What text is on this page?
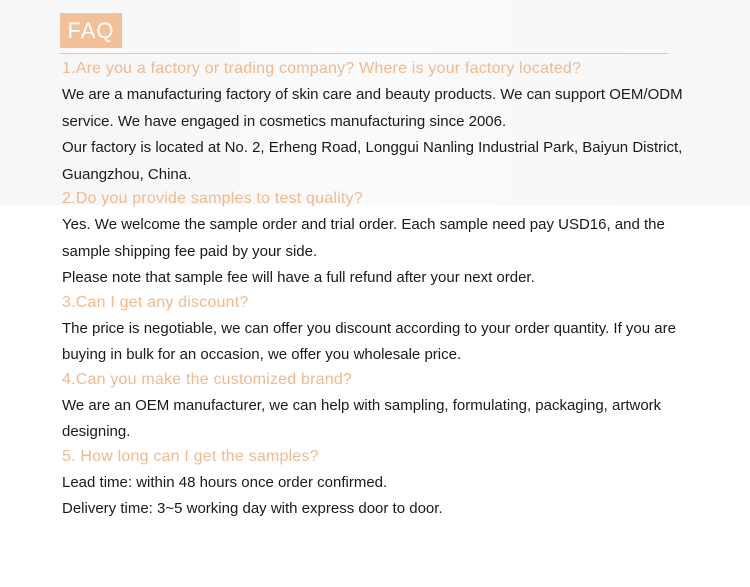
FAQ
1.Are you a factory or trading company? Where is your factory located?

We are a manufacturing factory of skin care and beauty products. We can support OEM/ODM service. We have engaged in cosmetics manufacturing since 2006.

Our factory is located at No. 2, Erheng Road, Longgui Nanling Industrial Park, Baiyun District, Guangzhou, China.

2.Do you provide samples to test quality?

Yes. We welcome the sample order and trial order. Each sample need pay USD16, and the sample shipping fee paid by your side.

Please note that sample fee will have a full refund after your next order.

3.Can I get any discount?

The price is negotiable, we can offer you discount according to your order quantity. If you are buying in bulk for an occasion, we offer you wholesale price.

4.Can you make the customized brand?

We are an OEM manufacturer, we can help with sampling, formulating, packaging, artwork designing.

5. How long can I get the samples?

Lead time: within 48 hours once order confirmed.

Delivery time: 3~5 working day with express door to door.
